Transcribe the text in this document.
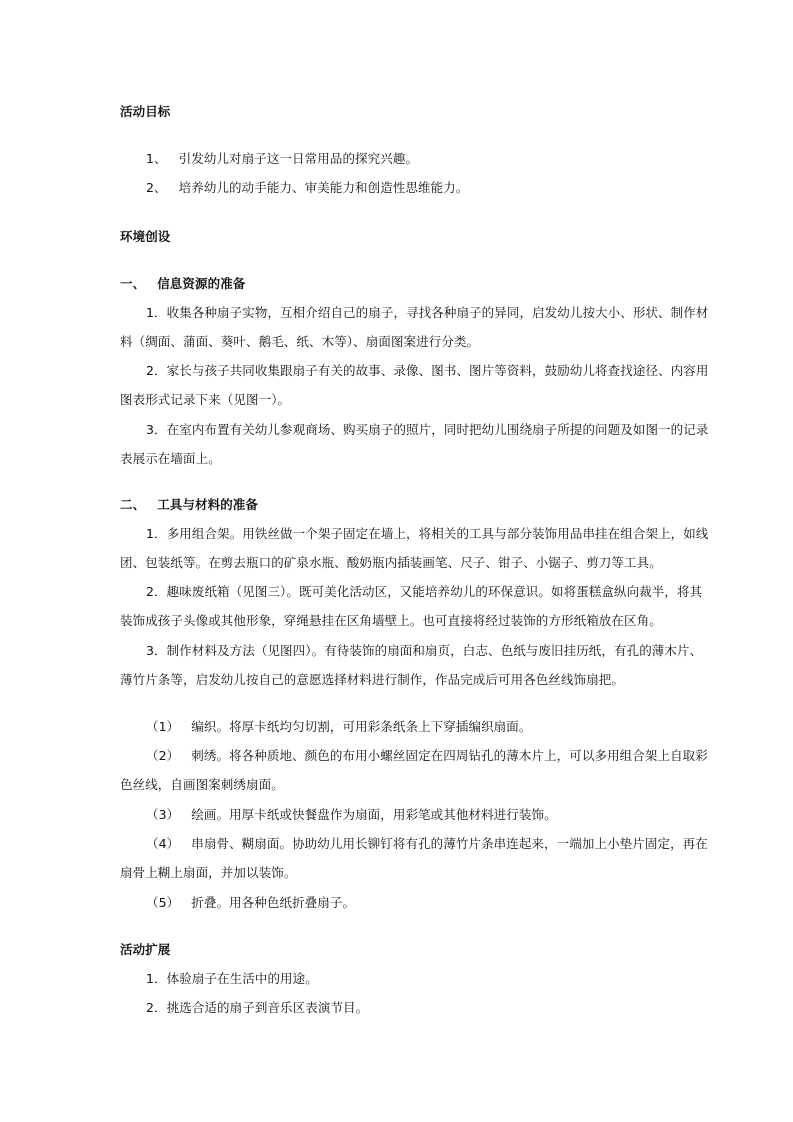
活动目标
1、 引发幼儿对扇子这一日常用品的探究兴趣。
2、 培养幼儿的动手能力、审美能力和创造性思维能力。
环境创设
一、 信息资源的准备
1．收集各种扇子实物，互相介绍自己的扇子，寻找各种扇子的异同，启发幼儿按大小、形状、制作材
料（绸面、蒲面、葵叶、鹅毛、纸、木等）、扇面图案进行分类。
2．家长与孩子共同收集跟扇子有关的故事、录像、图书、图片等资料，鼓励幼儿将查找途径、内容用
图表形式记录下来（见图一）。
3．在室内布置有关幼儿参观商场、购买扇子的照片，同时把幼儿围绕扇子所提的问题及如图一的记录
表展示在墙面上。
二、 工具与材料的准备
1．多用组合架。用铁丝做一个架子固定在墙上，将相关的工具与部分装饰用品串挂在组合架上，如线
团、包装纸等。在剪去瓶口的矿泉水瓶、酸奶瓶内插装画笔、尺子、钳子、小锯子、剪刀等工具。
2．趣味废纸箱（见图三）。既可美化活动区，又能培养幼儿的环保意识。如将蛋糕盒纵向裁半，将其
装饰成孩子头像或其他形象，穿绳悬挂在区角墙壁上。也可直接将经过装饰的方形纸箱放在区角。
3．制作材料及方法（见图四）。有待装饰的扇面和扇页，白志、色纸与废旧挂历纸，有孔的薄木片、
薄竹片条等，启发幼儿按自己的意愿选择材料进行制作，作品完成后可用各色丝线饰扇把。
（1） 编织。将厚卡纸均匀切割，可用彩条纸条上下穿插编织扇面。
（2） 刺绣。将各种质地、颜色的布用小螺丝固定在四周钻孔的薄木片上，可以多用组合架上自取彩
色丝线，自画图案刺绣扇面。
（3） 绘画。用厚卡纸或快餐盘作为扇面，用彩笔或其他材料进行装饰。
（4） 串扇骨、糊扇面。协助幼儿用长铆钉将有孔的薄竹片条串连起来，一端加上小垫片固定，再在
扇骨上糊上扇面，并加以装饰。
（5） 折叠。用各种色纸折叠扇子。
活动扩展
1．体验扇子在生活中的用途。
2．挑选合适的扇子到音乐区表演节目。
